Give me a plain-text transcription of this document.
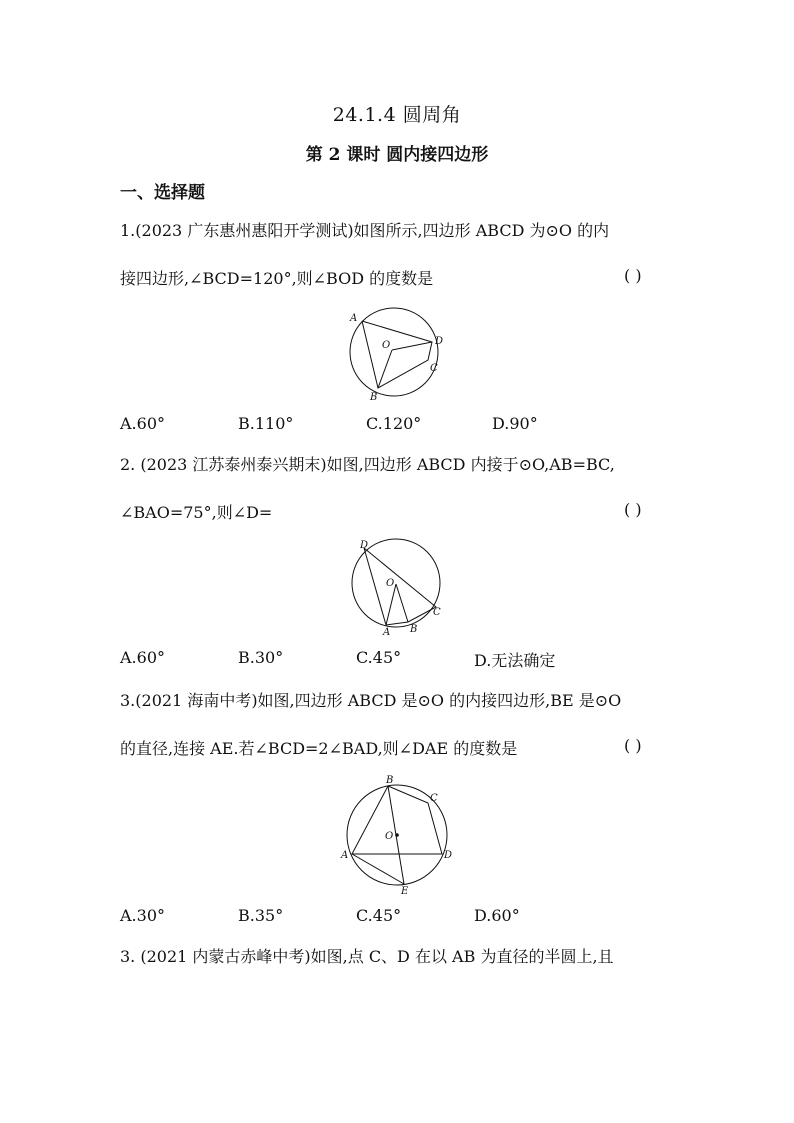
24.1.4 圆周角
第 2 课时 圆内接四边形
一、选择题
1.(2023 广东惠州惠阳开学测试)如图所示,四边形 ABCD 为⊙O 的内
接四边形,∠BCD=120°,则∠BOD 的度数是	( )
A
O	D
C
B
A.60°	B.110°	C.120°	D.90°
2. (2023 江苏泰州泰兴期末)如图,四边形 ABCD 内接于⊙O,AB=BC,
∠BAO=75°,则∠D=	( )
D
O
C
A B
A.60°	B.30°	C.45°	D.无法确定
3.(2021 海南中考)如图,四边形 ABCD 是⊙O 的内接四边形,BE 是⊙O
的直径,连接 AE.若∠BCD=2∠BAD,则∠DAE 的度数是	( )
B
C
O
A	D
E
A.30°	B.35°	C.45°	D.60°
3. (2021 内蒙古赤峰中考)如图,点 C、D 在以 AB 为直径的半圆上,且
